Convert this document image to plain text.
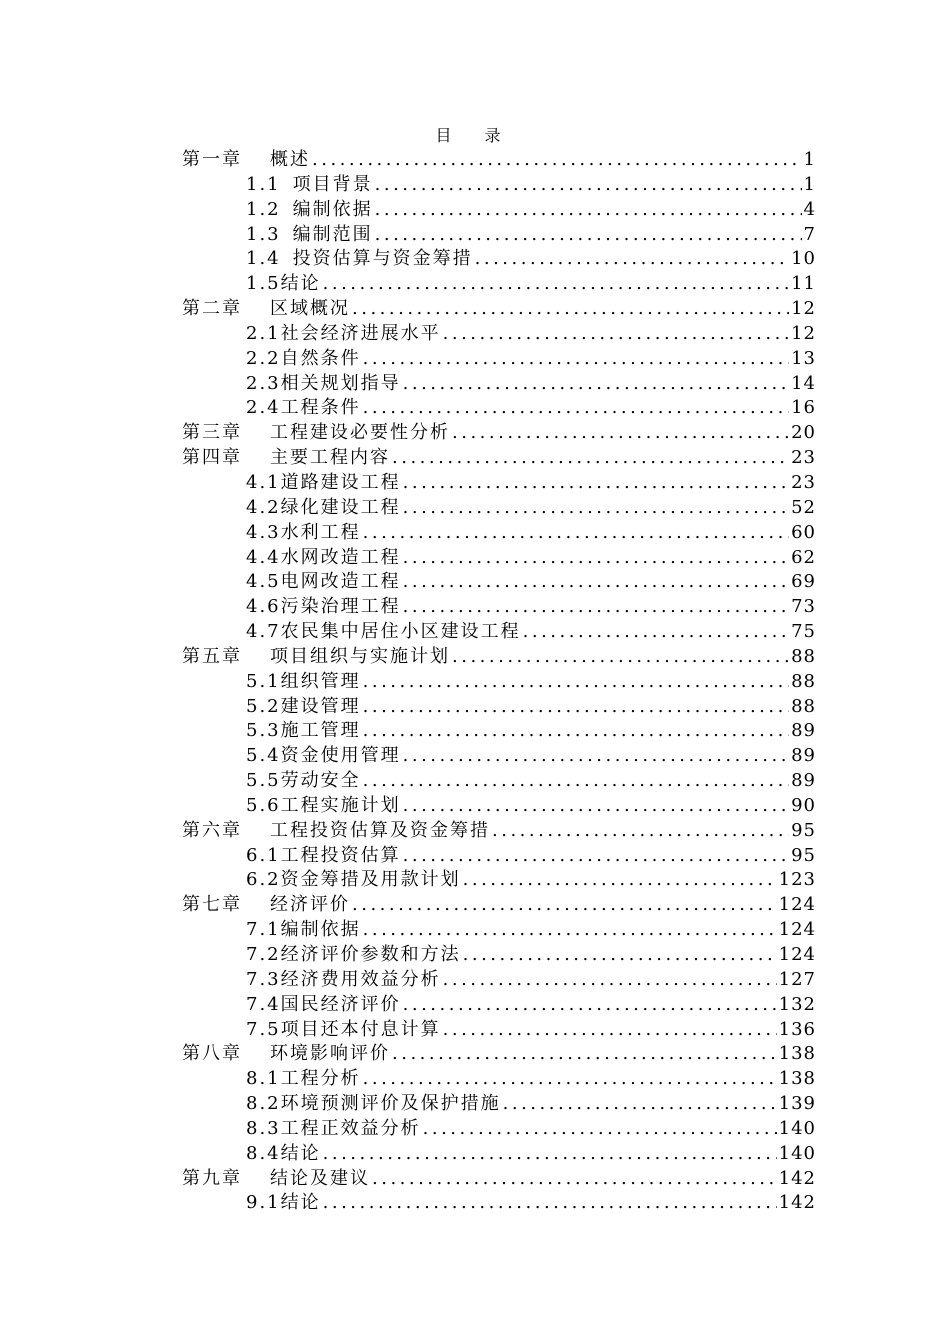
目 录
第一章	概述 .....	1
1.1 项目背景 .....	1
1.2 编制依据 .....	4
1.3 编制范围 .....	7
1.4 投资估算与资金筹措 .....	10
1.5 结论 .....	11
第二章	区域概况 .....	12
2.1 社会经济进展水平 .....	12
2.2 自然条件 .....	13
2.3 相关规划指导 .....	14
2.4 工程条件 .....	16
第三章	工程建设必要性分析 .....	20
第四章	主要工程内容 .....	23
4.1 道路建设工程 .....	23
4.2 绿化建设工程 .....	52
4.3 水利工程 .....	60
4.4 水网改造工程 .....	62
4.5 电网改造工程 .....	69
4.6 污染治理工程 .....	73
4.7 农民集中居住小区建设工程 .....	75
第五章	项目组织与实施计划 .....	88
5.1 组织管理 .....	88
5.2 建设管理 .....	88
5.3 施工管理 .....	89
5.4 资金使用管理 .....	89
5.5 劳动安全 .....	89
5.6 工程实施计划 .....	90
第六章	工程投资估算及资金筹措 .....	95
6.1 工程投资估算 .....	95
6.2 资金筹措及用款计划 .....	123
第七章	经济评价 .....	124
7.1 编制依据 .....	124
7.2 经济评价参数和方法 .....	124
7.3 经济费用效益分析 .....	127
7.4 国民经济评价 .....	132
7.5 项目还本付息计算 .....	136
第八章	环境影响评价 .....	138
8.1 工程分析 .....	138
8.2 环境预测评价及保护措施 .....	139
8.3 工程正效益分析 .....	140
8.4 结论 .....	140
第九章	结论及建议 .....	142
9.1 结论 .....	142
